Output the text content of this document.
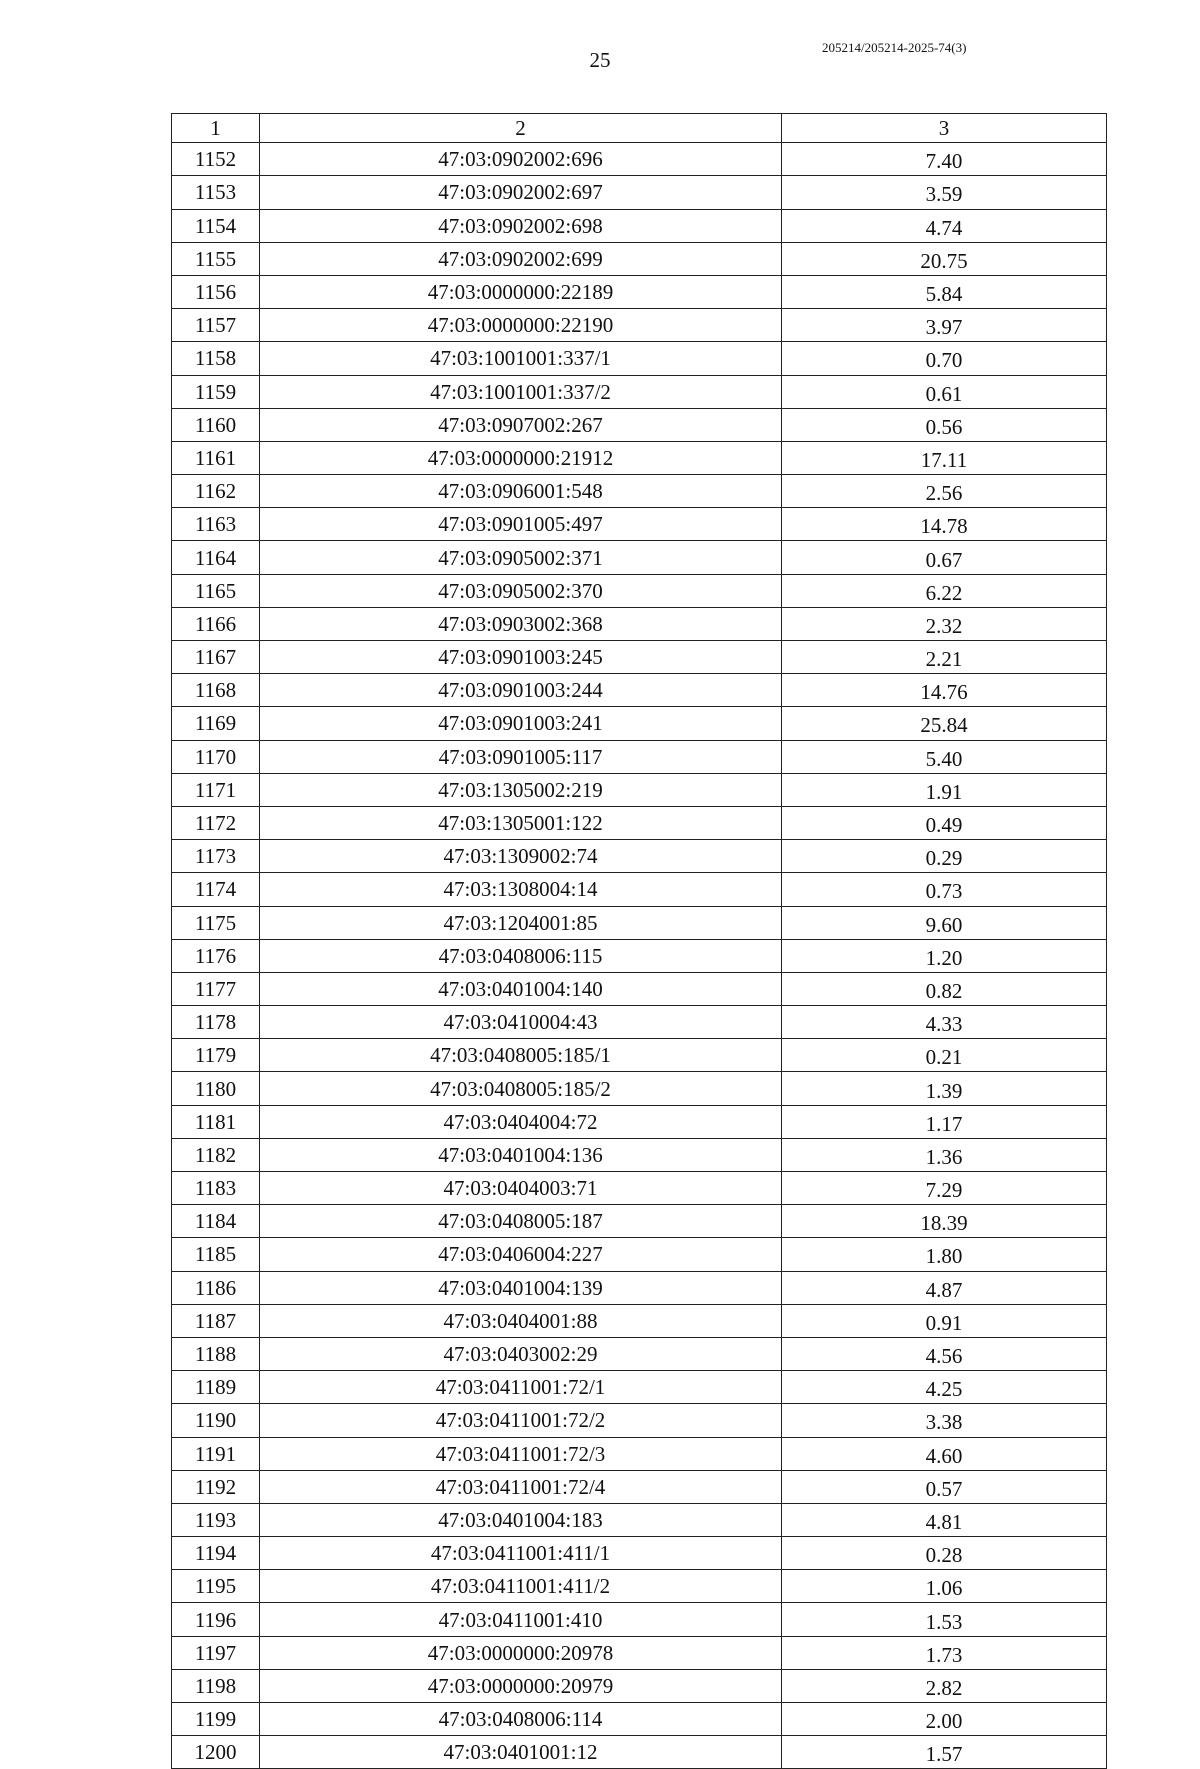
25
205214/205214-2025-74(3)
1	2	3
1152	47:03:0902002:696	7.40
1153	47:03:0902002:697	3.59
1154	47:03:0902002:698	4.74
1155	47:03:0902002:699	20.75
1156	47:03:0000000:22189	5.84
1157	47:03:0000000:22190	3.97
1158	47:03:1001001:337/1	0.70
1159	47:03:1001001:337/2	0.61
1160	47:03:0907002:267	0.56
1161	47:03:0000000:21912	17.11
1162	47:03:0906001:548	2.56
1163	47:03:0901005:497	14.78
1164	47:03:0905002:371	0.67
1165	47:03:0905002:370	6.22
1166	47:03:0903002:368	2.32
1167	47:03:0901003:245	2.21
1168	47:03:0901003:244	14.76
1169	47:03:0901003:241	25.84
1170	47:03:0901005:117	5.40
1171	47:03:1305002:219	1.91
1172	47:03:1305001:122	0.49
1173	47:03:1309002:74	0.29
1174	47:03:1308004:14	0.73
1175	47:03:1204001:85	9.60
1176	47:03:0408006:115	1.20
1177	47:03:0401004:140	0.82
1178	47:03:0410004:43	4.33
1179	47:03:0408005:185/1	0.21
1180	47:03:0408005:185/2	1.39
1181	47:03:0404004:72	1.17
1182	47:03:0401004:136	1.36
1183	47:03:0404003:71	7.29
1184	47:03:0408005:187	18.39
1185	47:03:0406004:227	1.80
1186	47:03:0401004:139	4.87
1187	47:03:0404001:88	0.91
1188	47:03:0403002:29	4.56
1189	47:03:0411001:72/1	4.25
1190	47:03:0411001:72/2	3.38
1191	47:03:0411001:72/3	4.60
1192	47:03:0411001:72/4	0.57
1193	47:03:0401004:183	4.81
1194	47:03:0411001:411/1	0.28
1195	47:03:0411001:411/2	1.06
1196	47:03:0411001:410	1.53
1197	47:03:0000000:20978	1.73
1198	47:03:0000000:20979	2.82
1199	47:03:0408006:114	2.00
1200	47:03:0401001:12	1.57
